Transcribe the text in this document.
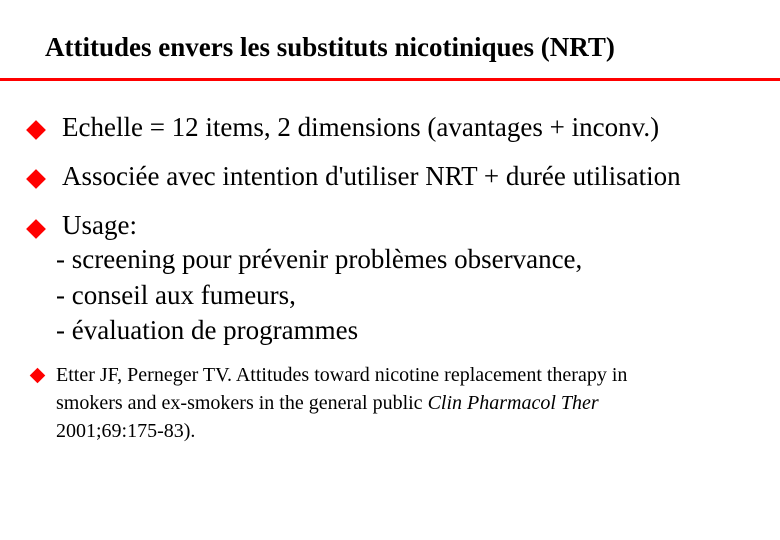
Attitudes envers les substituts nicotiniques (NRT)
Echelle = 12 items, 2 dimensions (avantages + inconv.)
Associée avec intention d'utiliser NRT + durée utilisation
Usage:
- screening pour prévenir problèmes observance,
- conseil aux fumeurs,
- évaluation de programmes
Etter JF, Perneger TV. Attitudes toward nicotine replacement therapy in
smokers and ex-smokers in the general public Clin Pharmacol Ther
2001;69:175-83).
